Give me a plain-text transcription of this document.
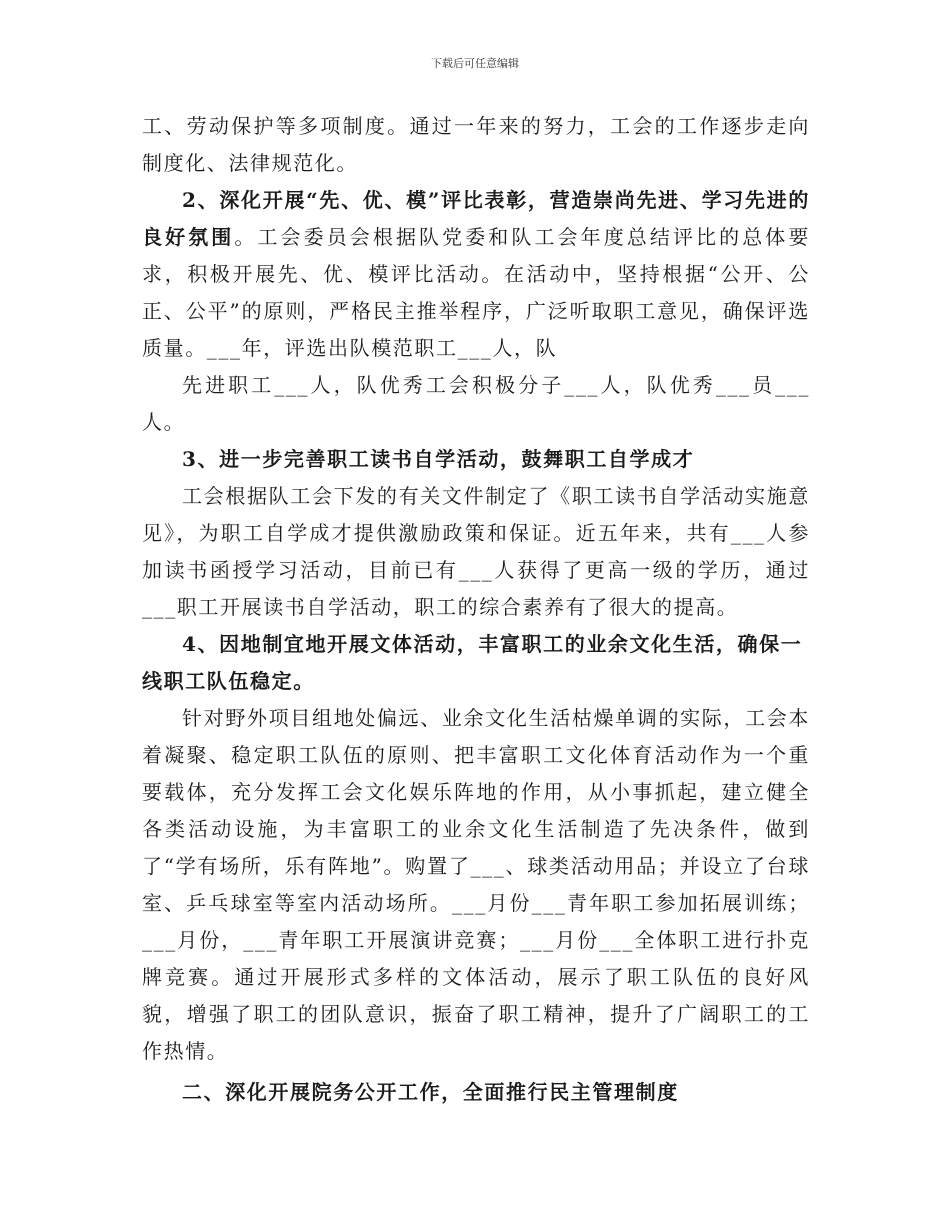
下载后可任意编辑

工、劳动保护等多项制度。通过一年来的努力，工会的工作逐步走向制度化、法律规范化。

2、深化开展“先、优、模”评比表彰，营造崇尚先进、学习先进的良好氛围。工会委员会根据队党委和队工会年度总结评比的总体要求，积极开展先、优、模评比活动。在活动中，坚持根据“公开、公正、公平”的原则，严格民主推举程序，广泛听取职工意见，确保评选质量。___年，评选出队模范职工___人，队

先进职工___人，队优秀工会积极分子___人，队优秀___员___人。

3、进一步完善职工读书自学活动，鼓舞职工自学成才

工会根据队工会下发的有关文件制定了《职工读书自学活动实施意见》，为职工自学成才提供激励政策和保证。近五年来，共有___人参加读书函授学习活动，目前已有___人获得了更高一级的学历，通过___职工开展读书自学活动，职工的综合素养有了很大的提高。

4、因地制宜地开展文体活动，丰富职工的业余文化生活，确保一线职工队伍稳定。

针对野外项目组地处偏远、业余文化生活枯燥单调的实际，工会本着凝聚、稳定职工队伍的原则、把丰富职工文化体育活动作为一个重要载体，充分发挥工会文化娱乐阵地的作用，从小事抓起，建立健全各类活动设施，为丰富职工的业余文化生活制造了先决条件，做到了“学有场所，乐有阵地”。购置了___、球类活动用品；并设立了台球室、乒乓球室等室内活动场所。___月份___青年职工参加拓展训练；___月份，___青年职工开展演讲竞赛；___月份___全体职工进行扑克牌竞赛。通过开展形式多样的文体活动，展示了职工队伍的良好风貌，增强了职工的团队意识，振奋了职工精神，提升了广阔职工的工作热情。

二、深化开展院务公开工作，全面推行民主管理制度
